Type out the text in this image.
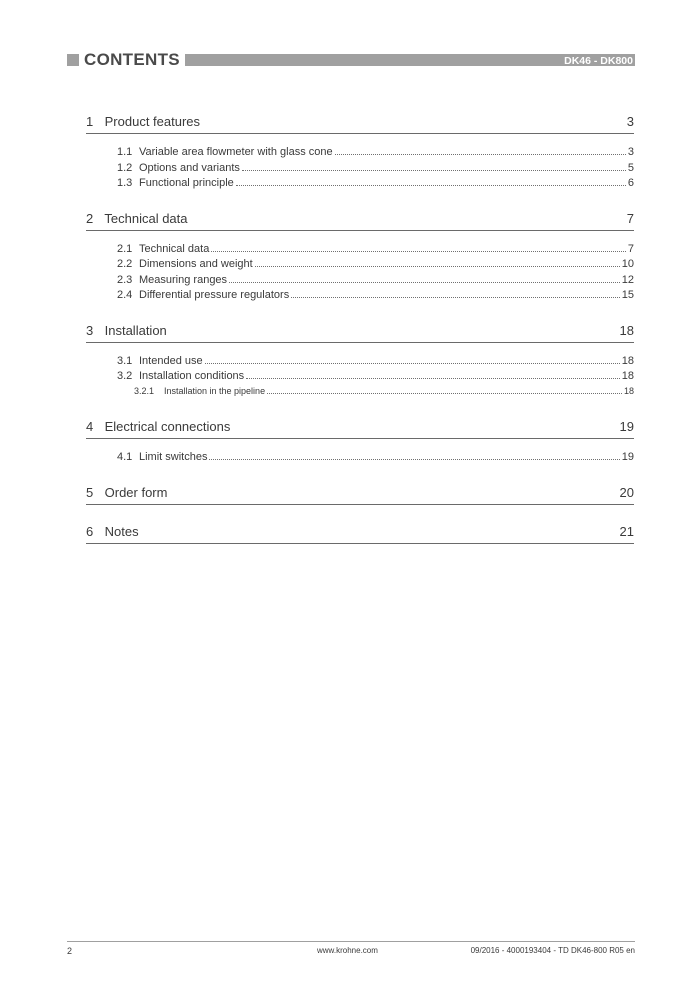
CONTENTS	DK46 - DK800
1 Product features	3
1.1 Variable area flowmeter with glass cone	3
1.2 Options and variants	5
1.3 Functional principle	6
2 Technical data	7
2.1 Technical data	7
2.2 Dimensions and weight	10
2.3 Measuring ranges	12
2.4 Differential pressure regulators	15
3 Installation	18
3.1 Intended use	18
3.2 Installation conditions	18
3.2.1	Installation in the pipeline	18
4 Electrical connections	19
4.1 Limit switches	19
5 Order form	20
6 Notes	21
2	www.krohne.com	09/2016 - 4000193404 - TD DK46-800 R05 en
